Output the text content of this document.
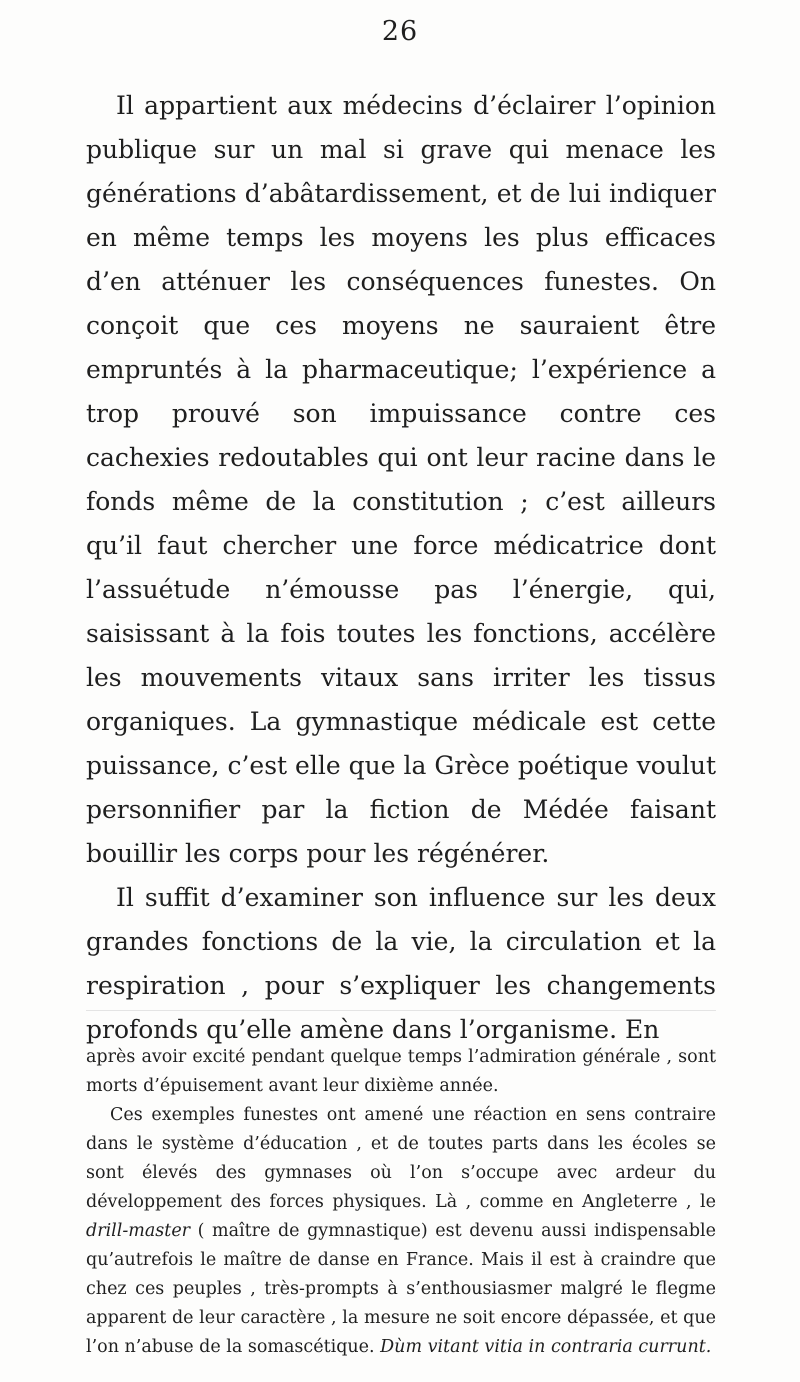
26

Il appartient aux médecins d’éclairer l’opinion publique sur un mal si grave qui menace les générations d’abâtardissement, et de lui indiquer en même temps les moyens les plus efficaces d’en atténuer les conséquences funestes. On conçoit que ces moyens ne sauraient être empruntés à la pharmaceutique; l’expérience a trop prouvé son impuissance contre ces cachexies redoutables qui ont leur racine dans le fonds même de la constitution ; c’est ailleurs qu’il faut chercher une force médicatrice dont l’assuétude n’émousse pas l’énergie, qui, saisissant à la fois toutes les fonctions, accélère les mouvements vitaux sans irriter les tissus organiques. La gymnastique médicale est cette puissance, c’est elle que la Grèce poétique voulut personnifier par la fiction de Médée faisant bouillir les corps pour les régénérer.

Il suffit d’examiner son influence sur les deux grandes fonctions de la vie, la circulation et la respiration , pour s’expliquer les changements profonds qu’elle amène dans l’organisme. En

après avoir excité pendant quelque temps l’admiration générale , sont morts d’épuisement avant leur dixième année.

Ces exemples funestes ont amené une réaction en sens contraire dans le système d’éducation , et de toutes parts dans les écoles se sont élevés des gymnases où l’on s’occupe avec ardeur du développement des forces physiques. Là , comme en Angleterre , le drill-master ( maître de gymnastique) est devenu aussi indispensable qu’autrefois le maître de danse en France. Mais il est à craindre que chez ces peuples , très-prompts à s’enthousiasmer malgré le flegme apparent de leur caractère , la mesure ne soit encore dépassée, et que l’on n’abuse de la somascétique. Dùm vitant vitia in contraria currunt.
